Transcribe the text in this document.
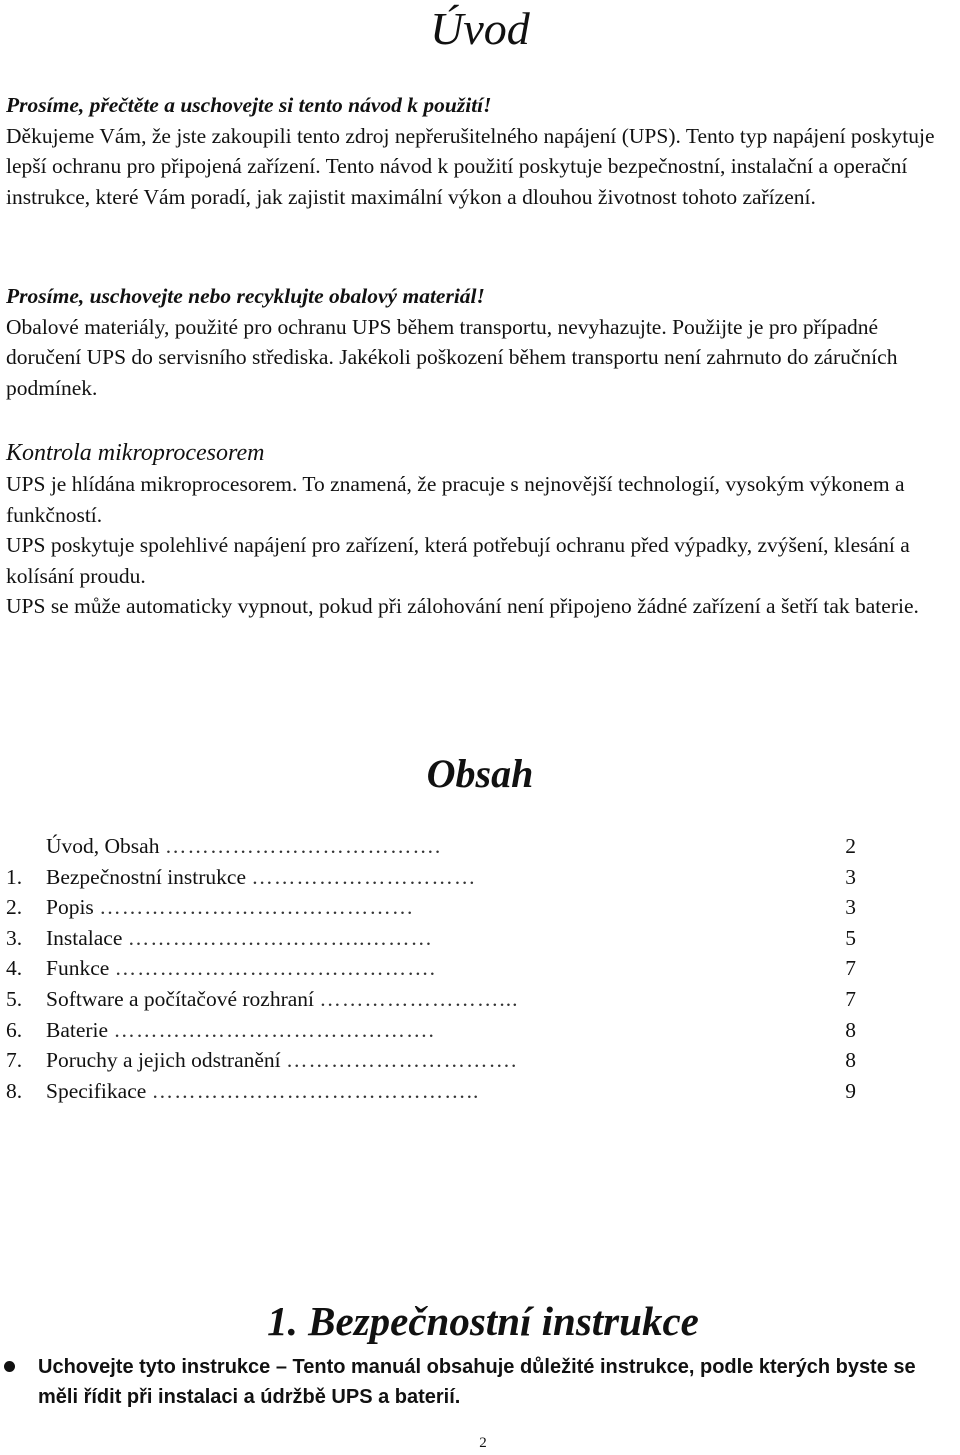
Úvod

Prosíme, přečtěte a uschovejte si tento návod k použití!

Děkujeme Vám, že jste zakoupili tento zdroj nepřerušitelného napájení (UPS). Tento typ napájení poskytuje lepší ochranu pro připojená zařízení. Tento návod k použití poskytuje bezpečnostní, instalační a operační instrukce, které Vám poradí, jak zajistit maximální výkon a dlouhou životnost tohoto zařízení.

Prosíme, uschovejte nebo recyklujte obalový materiál!

Obalové materiály, použité pro ochranu UPS během transportu, nevyhazujte. Použijte je pro případné doručení UPS do servisního střediska. Jakékoli poškození během transportu není zahrnuto do záručních podmínek.

Kontrola mikroprocesorem

UPS je hlídána mikroprocesorem. To znamená, že pracuje s nejnovější technologií, vysokým výkonem a funkčností.

UPS poskytuje spolehlivé napájení pro zařízení, která potřebují ochranu před výpadky, zvýšení, klesání a kolísání proudu.

UPS se může automaticky vypnout, pokud při zálohování není připojeno žádné zařízení a šetří tak baterie.

Obsah
Úvod, Obsah ……………………………….	2
1.	Bezpečnostní instrukce …………………………	3
2.	Popis ……………………………………	3
3.	Instalace …………………………..………	5
4.	Funkce …………………………………….	7
5.	Software a počítačové rozhraní ……………………...	7
6.	Baterie …………………………………….	8
7.	Poruchy a jejich odstranění ………………………….	8
8.	Specifikace ……………………………………..	9
1. Bezpečnostní instrukce

Uchovejte tyto instrukce – Tento manuál obsahuje důležité instrukce, podle kterých byste se měli řídit při instalaci a údržbě UPS a baterií.

2
